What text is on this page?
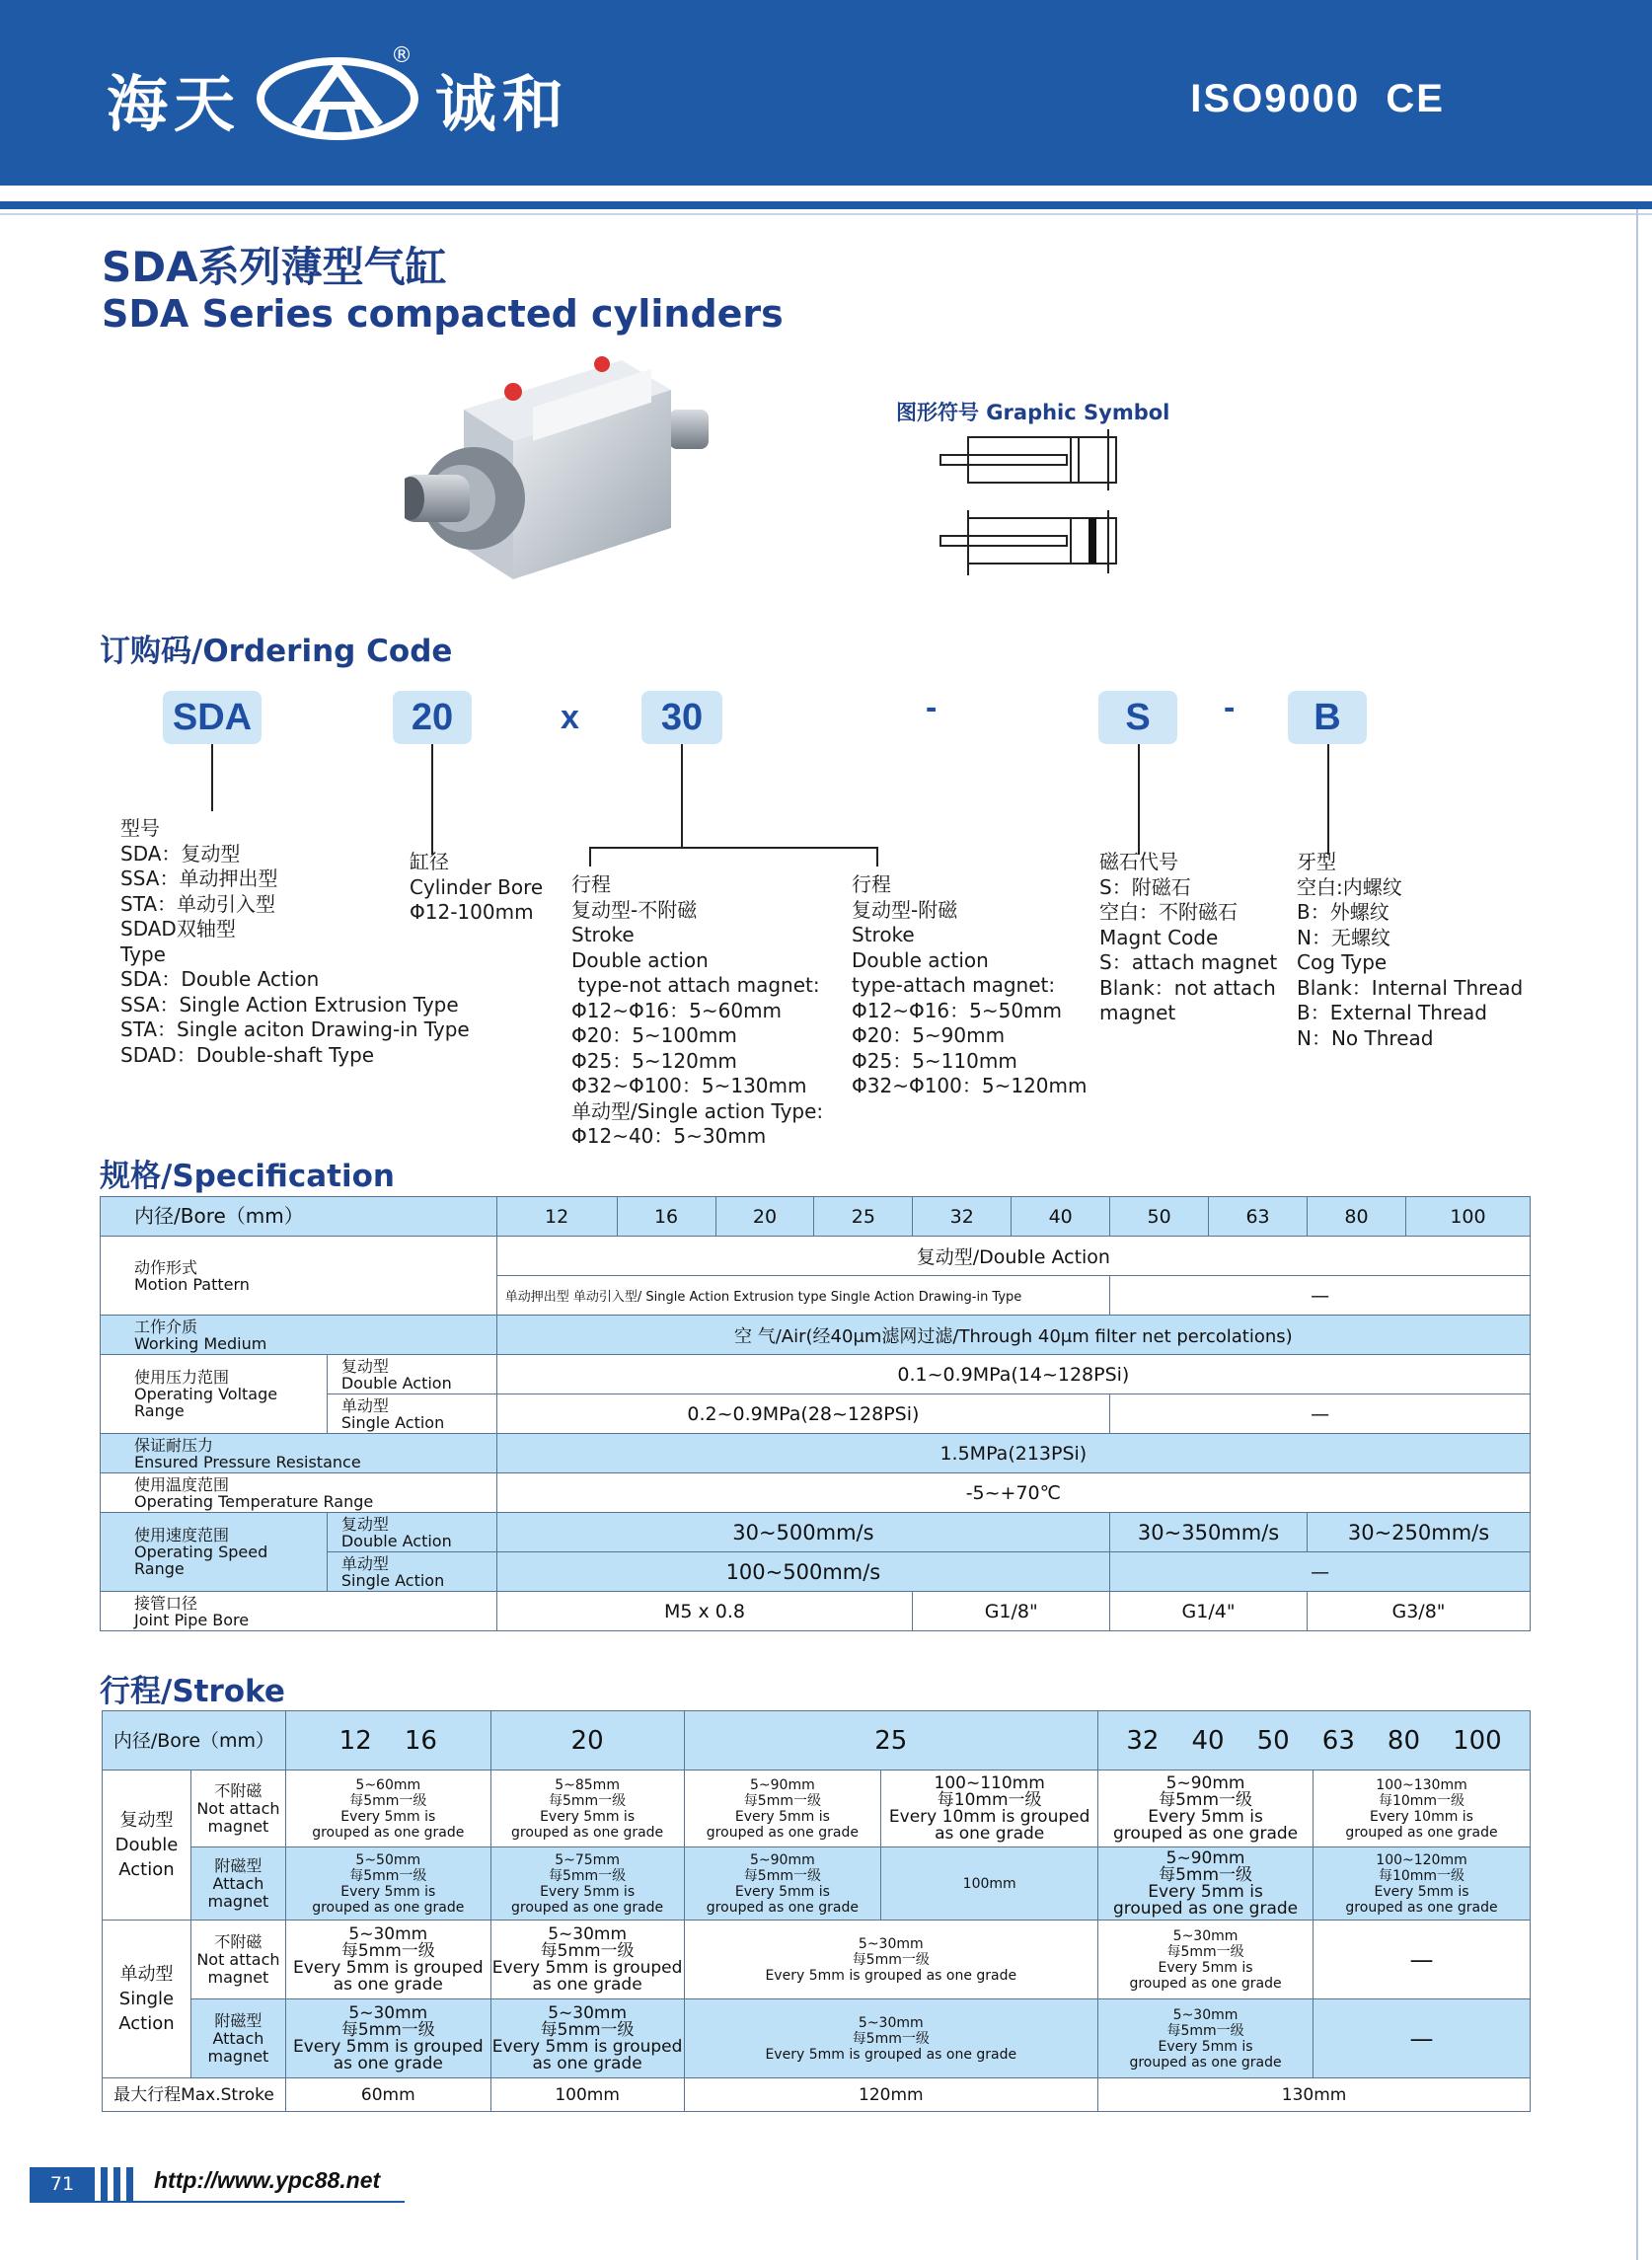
海天	诚和
®
ISO9000 CE
SDA系列薄型气缸
SDA Series compacted cylinders
图形符号 Graphic Symbol
订购码/Ordering Code
SDA	20	x	30	-	S	-	B
型号
SDA：复动型
SSA：单动押出型
STA：单动引入型
SDAD双轴型
Type
SDA：Double Action
SSA：Single Action Extrusion Type
STA：Single aciton Drawing-in Type
SDAD：Double-shaft Type
缸径
Cylinder Bore
Φ12-100mm
行程
复动型-不附磁
Stroke
Double action
type-not attach magnet:
Φ12~Φ16：5~60mm
Φ20：5~100mm
Φ25：5~120mm
Φ32~Φ100：5~130mm
单动型/Single action Type:
Φ12~40：5~30mm
行程
复动型-附磁
Stroke
Double action
type-attach magnet:
Φ12~Φ16：5~50mm
Φ20：5~90mm
Φ25：5~110mm
Φ32~Φ100：5~120mm
磁石代号
S：附磁石
空白：不附磁石
Magnt Code
S：attach magnet
Blank：not attach
magnet
牙型
空白:内螺纹
B：外螺纹
N：无螺纹
Cog Type
Blank：Internal Thread
B：External Thread
N：No Thread
规格/Specification
内径/Bore（mm）		12	16	20	25	32	40	50	63	80	100
动作形式
Motion Pattern		复动型/Double Action									
		单动押出型 单动引入型/ Single Action Extrusion type Single Action Drawing-in Type						—			
工作介质
Working Medium		空 气/Air(经40μm滤网过滤/Through 40μm filter net percolations)									
使用压力范围
Operating Voltage
Range	复动型
Double Action	0.1~0.9MPa(14~128PSi)									
	单动型
Single Action	0.2~0.9MPa(28~128PSi)						—			
保证耐压力
Ensured Pressure Resistance		1.5MPa(213PSi)									
使用温度范围
Operating Temperature Range		-5~+70℃									
使用速度范围
Operating Speed
Range	复动型
Double Action	30~500mm/s						30~350mm/s		30~250mm/s	
	单动型
Single Action	100~500mm/s						—			
接管口径
Joint Pipe Bore		M5 x 0.8				G1/8"		G1/4"		G3/8"	
行程/Stroke
内径/Bore（mm）		12    16	20	25		32    40    50    63    80    100	
复动型
Double
Action	不附磁
Not attach
magnet	5~60mm
每5mm一级
Every 5mm is
grouped as one grade	5~85mm
每5mm一级
Every 5mm is
grouped as one grade	5~90mm
每5mm一级
Every 5mm is
grouped as one grade	100~110mm
每10mm一级
Every 10mm is grouped
as one grade	5~90mm
每5mm一级
Every 5mm is
grouped as one grade	100~130mm
每10mm一级
Every 10mm is
grouped as one grade
	附磁型
Attach
magnet	5~50mm
每5mm一级
Every 5mm is
grouped as one grade	5~75mm
每5mm一级
Every 5mm is
grouped as one grade	5~90mm
每5mm一级
Every 5mm is
grouped as one grade	100mm	5~90mm
每5mm一级
Every 5mm is
grouped as one grade	100~120mm
每10mm一级
Every 5mm is
grouped as one grade
单动型
Single
Action	不附磁
Not attach
magnet	5~30mm
每5mm一级
Every 5mm is grouped
as one grade	5~30mm
每5mm一级
Every 5mm is grouped
as one grade	5~30mm
每5mm一级
Every 5mm is grouped as one grade		5~30mm
每5mm一级
Every 5mm is
grouped as one grade	—
	附磁型
Attach
magnet	5~30mm
每5mm一级
Every 5mm is grouped
as one grade	5~30mm
每5mm一级
Every 5mm is grouped
as one grade	5~30mm
每5mm一级
Every 5mm is grouped as one grade		5~30mm
每5mm一级
Every 5mm is
grouped as one grade	—
最大行程Max.Stroke		60mm	100mm	120mm		130mm	
71	http://www.ypc88.net
